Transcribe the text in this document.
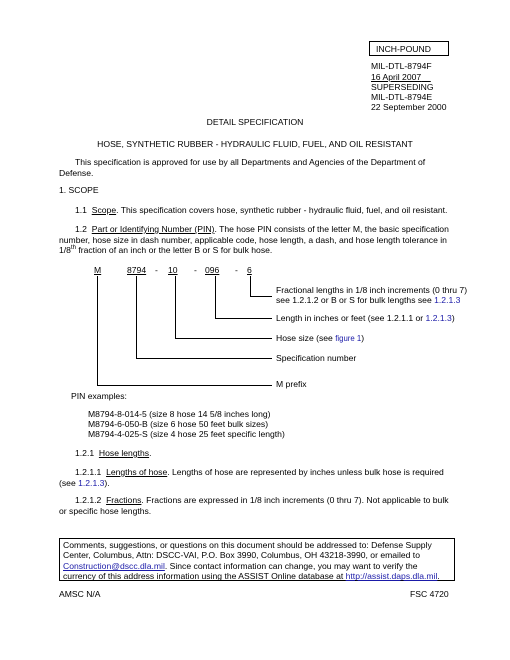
INCH-POUND
MIL-DTL-8794F
16 April 2007
SUPERSEDING
MIL-DTL-8794E
22 September 2000
DETAIL SPECIFICATION
HOSE, SYNTHETIC RUBBER - HYDRAULIC FLUID, FUEL, AND OIL RESISTANT
This specification is approved for use by all Departments and Agencies of the Department of Defense.
1. SCOPE
1.1 Scope. This specification covers hose, synthetic rubber - hydraulic fluid, fuel, and oil resistant.
1.2 Part or Identifying Number (PIN). The hose PIN consists of the letter M, the basic specification number, hose size in dash number, applicable code, hose length, a dash, and hose length tolerance in 1/8th fraction of an inch or the letter B or S for bulk hose.
M	8794 - 10 - 096 - 6
Fractional lengths in 1/8 inch increments (0 thru 7)
see 1.2.1.2 or B or S for bulk lengths see 1.2.1.3
Length in inches or feet (see 1.2.1.1 or 1.2.1.3)
Hose size (see figure 1)
Specification number
M prefix
PIN examples:
M8794-8-014-5 (size 8 hose 14 5/8 inches long)
M8794-6-050-B (size 6 hose 50 feet bulk sizes)
M8794-4-025-S (size 4 hose 25 feet specific length)
1.2.1 Hose lengths.
1.2.1.1 Lengths of hose. Lengths of hose are represented by inches unless bulk hose is required (see 1.2.1.3).
1.2.1.2 Fractions. Fractions are expressed in 1/8 inch increments (0 thru 7). Not applicable to bulk or specific hose lengths.
Comments, suggestions, or questions on this document should be addressed to: Defense Supply Center, Columbus, Attn: DSCC-VAI, P.O. Box 3990, Columbus, OH 43218-3990, or emailed to Construction@dscc.dla.mil. Since contact information can change, you may want to verify the currency of this address information using the ASSIST Online database at http://assist.daps.dla.mil.
AMSC N/A	FSC 4720
